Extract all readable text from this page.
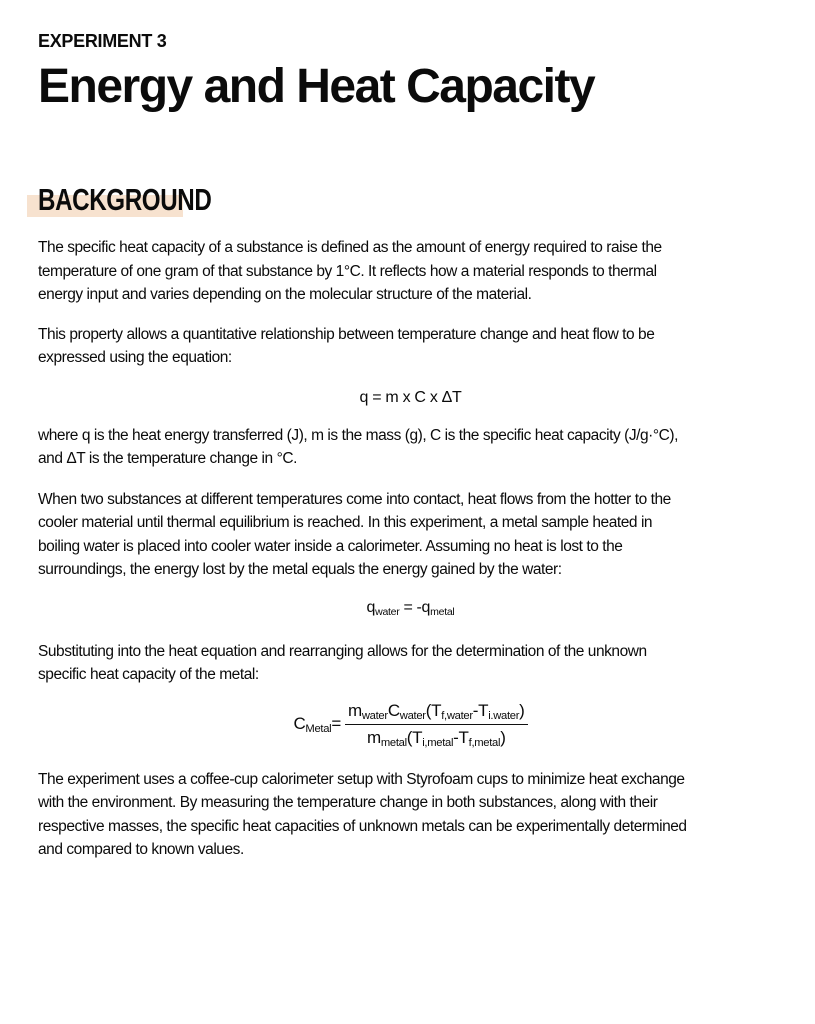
EXPERIMENT 3
Energy and Heat Capacity
BACKGROUND
The specific heat capacity of a substance is defined as the amount of energy required to raise the
temperature of one gram of that substance by 1°C. It reflects how a material responds to thermal
energy input and varies depending on the molecular structure of the material.
This property allows a quantitative relationship between temperature change and heat flow to be
expressed using the equation:
q = m x C x ΔT
where q is the heat energy transferred (J), m is the mass (g), C is the specific heat capacity (J/g·°C),
and ΔT is the temperature change in °C.
When two substances at different temperatures come into contact, heat flows from the hotter to the
cooler material until thermal equilibrium is reached. In this experiment, a metal sample heated in
boiling water is placed into cooler water inside a calorimeter. Assuming no heat is lost to the
surroundings, the energy lost by the metal equals the energy gained by the water:
$q_{water} = -q_{metal}$
Substituting into the heat equation and rearranging allows for the determination of the unknown
specific heat capacity of the metal:
$C_{Metal}= \frac{m_{water}C_{water}(T_{f,water}-T_{i.water})}{m_{metal}(T_{i,metal}-T_{f,metal})}$
The experiment uses a coffee-cup calorimeter setup with Styrofoam cups to minimize heat exchange
with the environment. By measuring the temperature change in both substances, along with their
respective masses, the specific heat capacities of unknown metals can be experimentally determined
and compared to known values.
